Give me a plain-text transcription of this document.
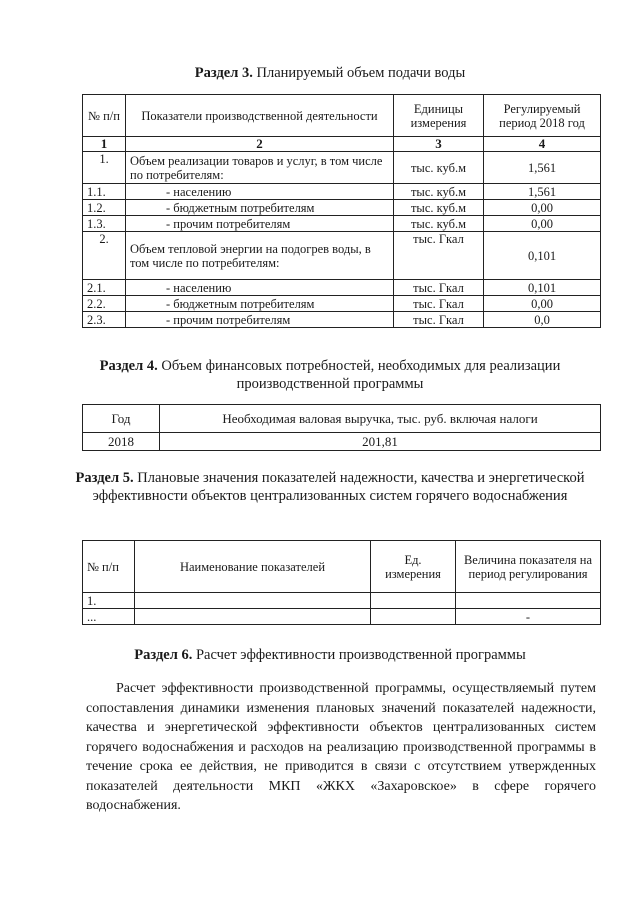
Раздел 3. Планируемый объем подачи воды
№ п/п	Показатели производственной деятельности	Единицы измерения	Регулируемый период 2018 год
1	2	3	4
1.	Объем реализации товаров и услуг, в том числе по потребителям:	тыс. куб.м	1,561
1.1.	- населению	тыс. куб.м	1,561
1.2.	- бюджетным потребителям	тыс. куб.м	0,00
1.3.	- прочим потребителям	тыс. куб.м	0,00
2.	Объем тепловой энергии на подогрев воды, в том числе по потребителям:	тыс. Гкал	0,101
2.1.	- населению	тыс. Гкал	0,101
2.2.	- бюджетным потребителям	тыс. Гкал	0,00
2.3.	- прочим потребителям	тыс. Гкал	0,0
Раздел 4. Объем финансовых потребностей, необходимых для реализации производственной программы
Год	Необходимая валовая выручка, тыс. руб. включая налоги
2018	201,81
Раздел 5. Плановые значения показателей надежности, качества и энергетической эффективности объектов централизованных систем горячего водоснабжения
№ п/п	Наименование показателей	Ед. измерения	Величина показателя на период регулирования
1.			
...			-
Раздел 6. Расчет эффективности производственной программы
Расчет эффективности производственной программы, осуществляемый путем сопоставления динамики изменения плановых значений показателей надежности, качества и энергетической эффективности объектов централизованных систем горячего водоснабжения и расходов на реализацию производственной программы в течение срока ее действия, не приводится в связи с отсутствием утвержденных показателей деятельности МКП «ЖКХ «Захаровское» в сфере горячего водоснабжения.
